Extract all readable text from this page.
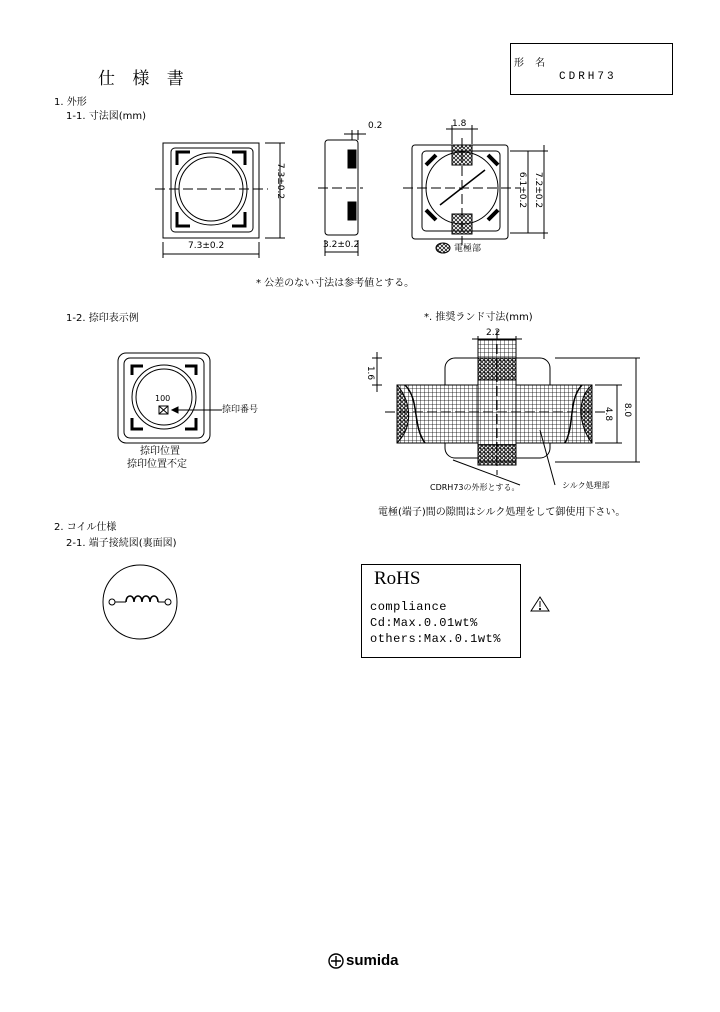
仕 様 書
形 名
CDRH73
1. 外形
1-1. 寸法図(mm)
7.3±0.2
7.3±0.2
0.2
3.2±0.2
1.8
6.1±0.2 7.2±0.2
電極部
* 公差のない寸法は参考値とする。
1-2. 捺印表示例
100
捺印番号
捺印位置
捺印位置不定
*. 推奨ランド寸法(mm)
2.2
1.6
4.8 8.0
CDRH73の外形とする。	シルク処理部
電極(端子)間の隙間はシルク処理をして御使用下さい。
2. コイル仕様
2-1. 端子接続図(裏面図)
RoHS
compliance
Cd:Max.0.01wt%
others:Max.0.1wt%
sumida
